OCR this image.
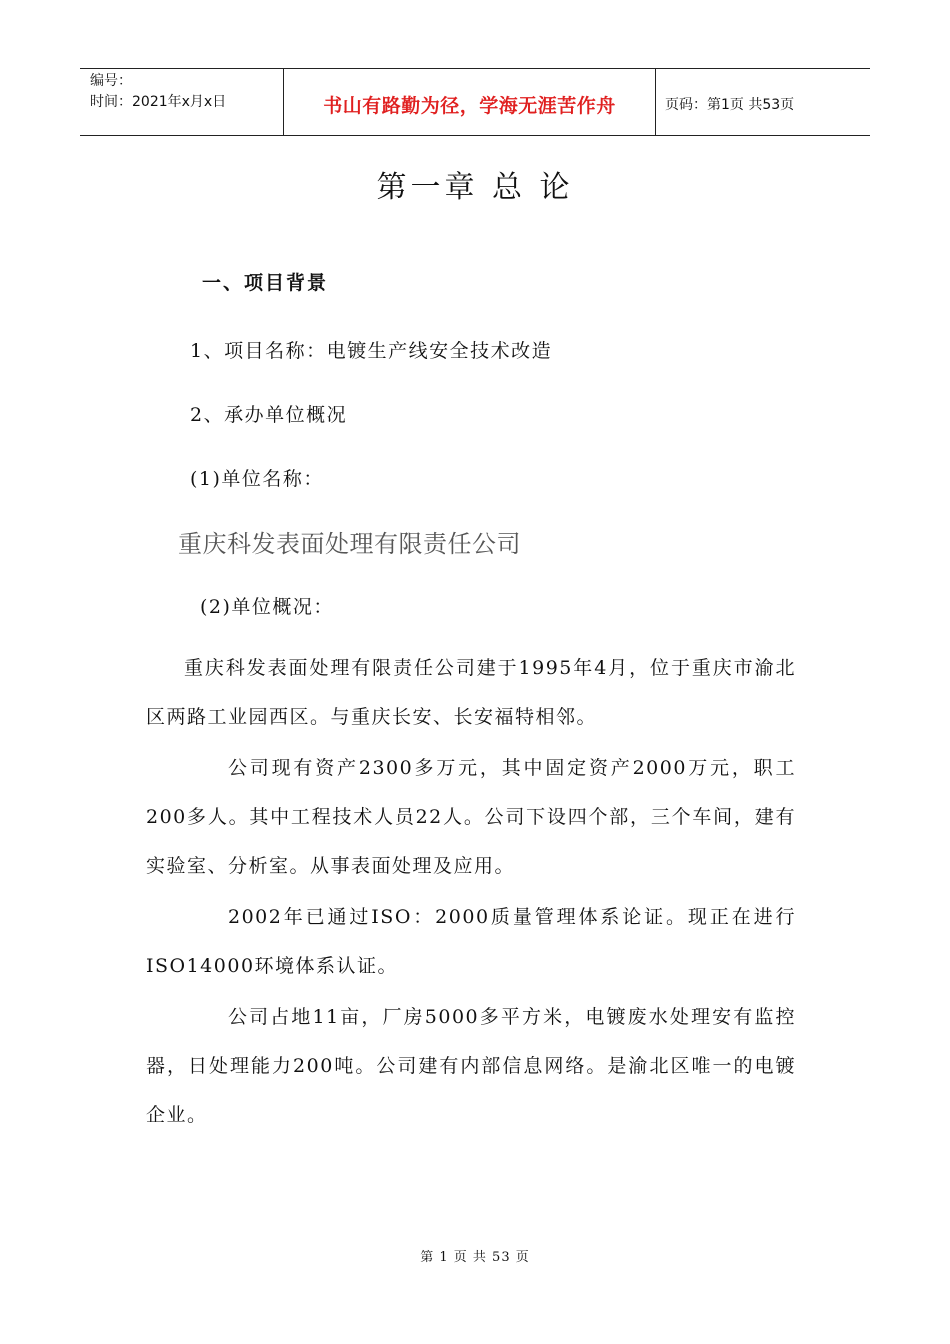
编号：
时间：2021年x月x日	书山有路勤为径，学海无涯苦作舟	页码：第1页 共53页
第一章 总 论
一、项目背景
1、项目名称：电镀生产线安全技术改造
2、承办单位概况
(1)单位名称：
重庆科发表面处理有限责任公司
(2)单位概况：

重庆科发表面处理有限责任公司建于1995年4月，位于重庆市渝北区两路工业园西区。与重庆长安、长安福特相邻。

公司现有资产2300多万元，其中固定资产2000万元，职工200多人。其中工程技术人员22人。公司下设四个部，三个车间，建有实验室、分析室。从事表面处理及应用。

2002年已通过ISO：2000质量管理体系论证。现正在进行ISO14000环境体系认证。

公司占地11亩，厂房5000多平方米，电镀废水处理安有监控器，日处理能力200吨。公司建有内部信息网络。是渝北区唯一的电镀企业。

第 1 页 共 53 页
